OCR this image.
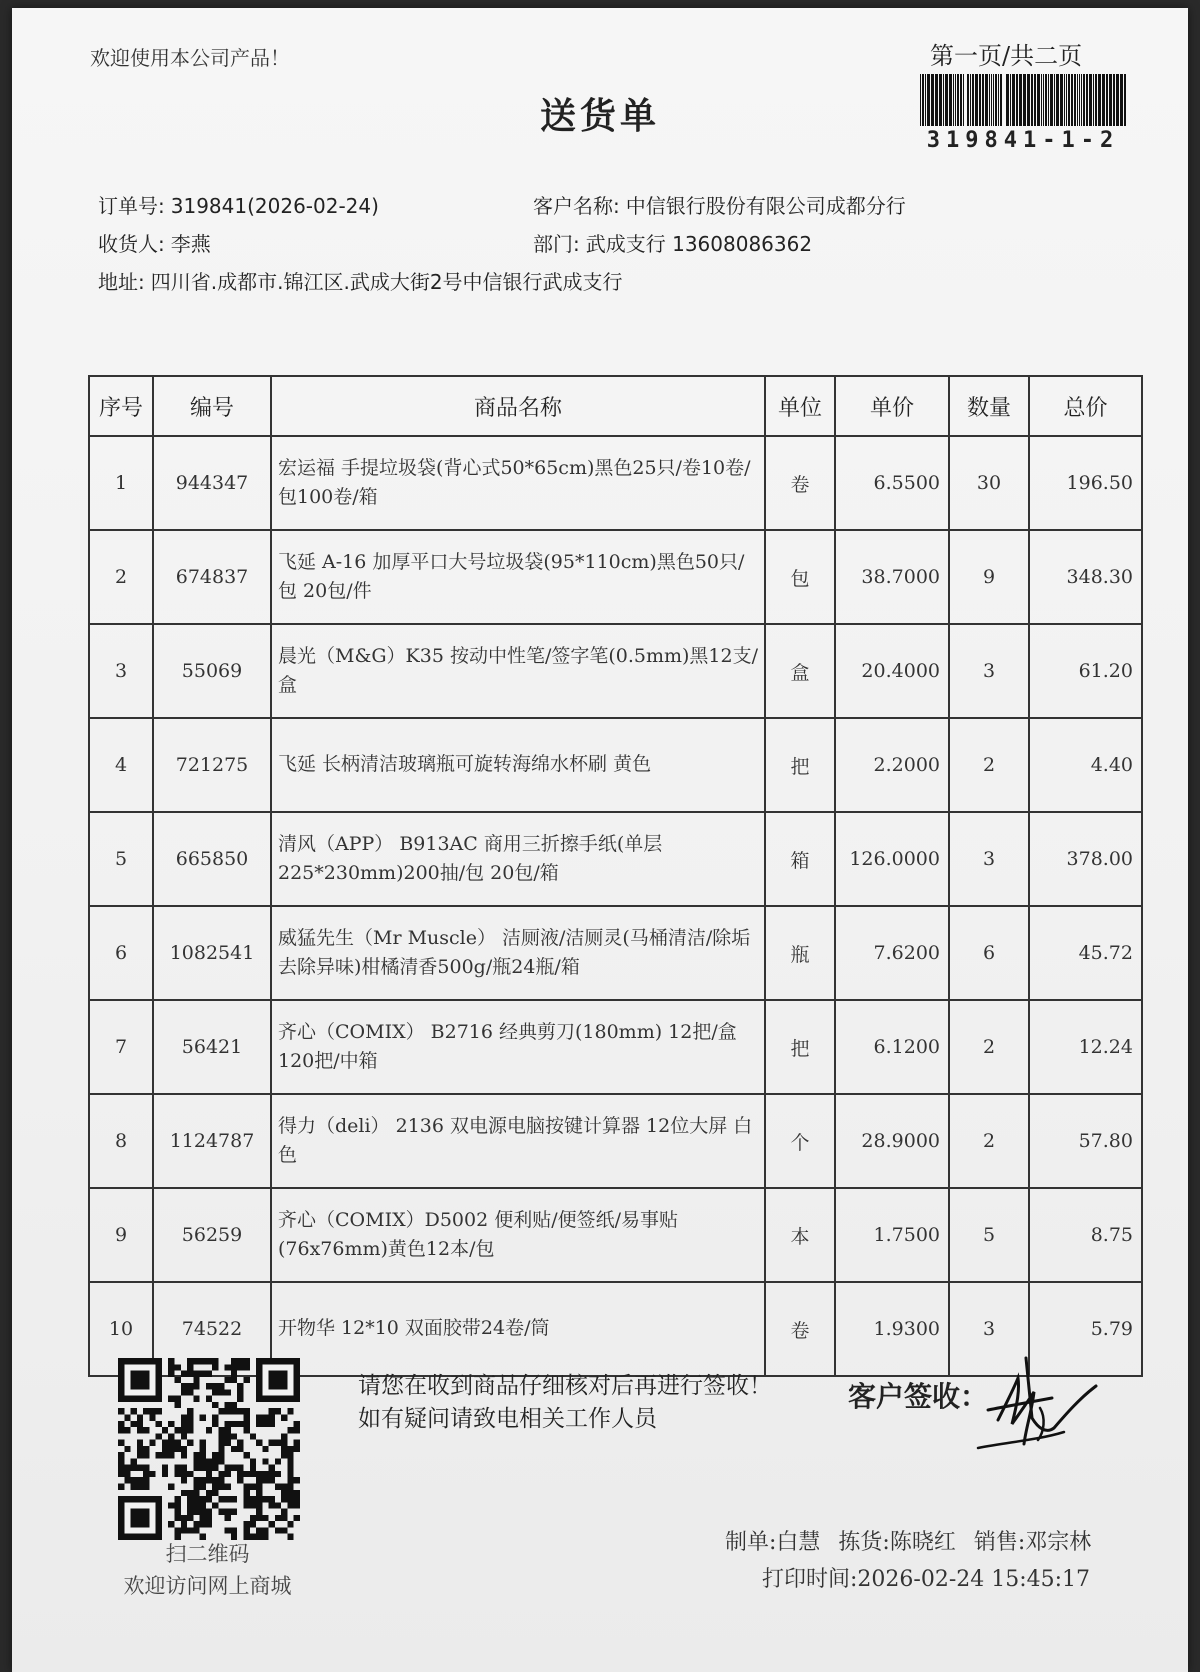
欢迎使用本公司产品！	第一页/共二页
送货单
319841-1-2
订单号: 319841(2026-02-24)	客户名称: 中信银行股份有限公司成都分行
收货人: 李燕	部门: 武成支行 13608086362
地址: 四川省.成都市.锦江区.武成大街2号中信银行武成支行
序号	编号	商品名称	单位	单价	数量	总价
1	944347	宏运福 手提垃圾袋(背心式50*65cm)黑色25只/卷10卷/包100卷/箱	卷	6.5500	30	196.50
2	674837	飞延 A-16 加厚平口大号垃圾袋(95*110cm)黑色50只/包 20包/件	包	38.7000	9	348.30
3	55069	晨光（M&G）K35 按动中性笔/签字笔(0.5mm)黑12支/盒	盒	20.4000	3	61.20
4	721275	飞延 长柄清洁玻璃瓶可旋转海绵水杯刷 黄色	把	2.2000	2	4.40
5	665850	清风（APP） B913AC 商用三折擦手纸(单层225*230mm)200抽/包 20包/箱	箱	126.0000	3	378.00
6	1082541	威猛先生（Mr Muscle） 洁厕液/洁厕灵(马桶清洁/除垢去除异味)柑橘清香500g/瓶24瓶/箱	瓶	7.6200	6	45.72
7	56421	齐心（COMIX） B2716 经典剪刀(180mm) 12把/盒 120把/中箱	把	6.1200	2	12.24
8	1124787	得力（deli） 2136 双电源电脑按键计算器 12位大屏 白色	个	28.9000	2	57.80
9	56259	齐心（COMIX）D5002 便利贴/便签纸/易事贴(76x76mm)黄色12本/包	本	1.7500	5	8.75
10	74522	开物华 12*10 双面胶带24卷/筒	卷	1.9300	3	5.79
扫二维码
欢迎访问网上商城
请您在收到商品仔细核对后再进行签收！如有疑问请致电相关工作人员
客户签收：
制单:白慧 拣货:陈晓红 销售:邓宗林
打印时间:2026-02-24 15:45:17
